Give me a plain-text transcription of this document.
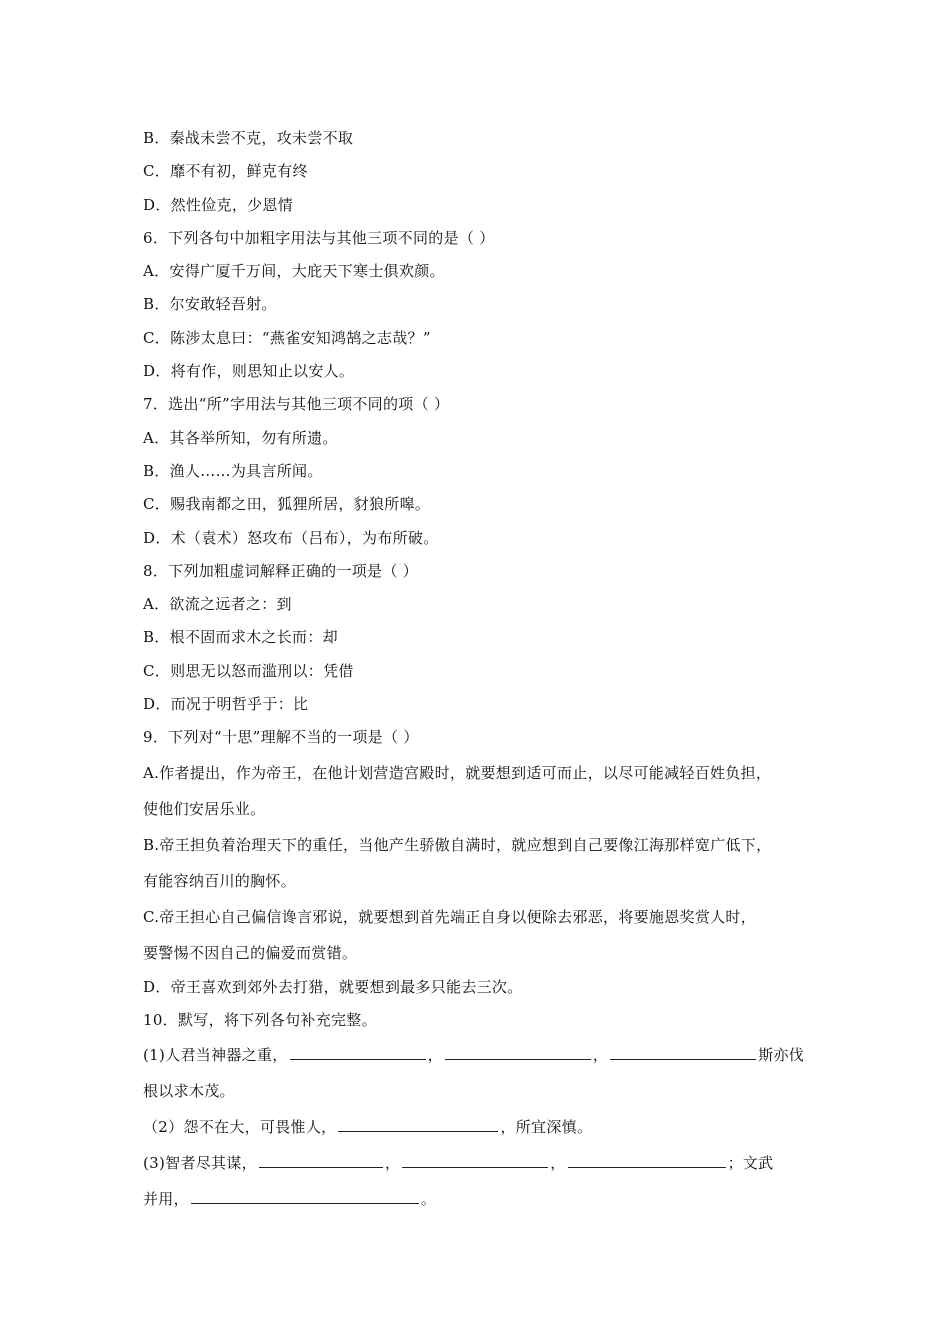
B．秦战未尝不克，攻未尝不取
C．靡不有初，鲜克有终
D．然性俭克，少恩情
6．下列各句中加粗字用法与其他三项不同的是（ ）
A．安得广厦千万间，大庇天下寒士俱欢颜。
B．尔安敢轻吾射。
C．陈涉太息曰：“燕雀安知鸿鹄之志哉？”
D．将有作，则思知止以安人。
7．选出“所”字用法与其他三项不同的项（ ）
A．其各举所知，勿有所遗。
B．渔人……为具言所闻。
C．赐我南都之田，狐狸所居，豺狼所嗥。
D．术（袁术）怒攻布（吕布），为布所破。
8．下列加粗虚词解释正确的一项是（ ）
A．欲流之远者之：到
B．根不固而求木之长而：却
C．则思无以怒而滥刑以：凭借
D．而况于明哲乎于：比
9．下列对“十思”理解不当的一项是（ ）
A.作者提出，作为帝王，在他计划营造宫殿时，就要想到适可而止，以尽可能减轻百姓负担，
使他们安居乐业。
B.帝王担负着治理天下的重任，当他产生骄傲自满时，就应想到自己要像江海那样宽广低下，
有能容纳百川的胸怀。
C.帝王担心自己偏信谗言邪说，就要想到首先端正自身以便除去邪恶，将要施恩奖赏人时，
要警惕不因自己的偏爱而赏错。
D．帝王喜欢到郊外去打猎，就要想到最多只能去三次。
10．默写，将下列各句补充完整。
(1)人君当神器之重，	，	，	斯亦伐
根以求木茂。
（2）怨不在大，可畏惟人，	，所宜深慎。
(3)智者尽其谋，	，	，	；文武
并用，	。
